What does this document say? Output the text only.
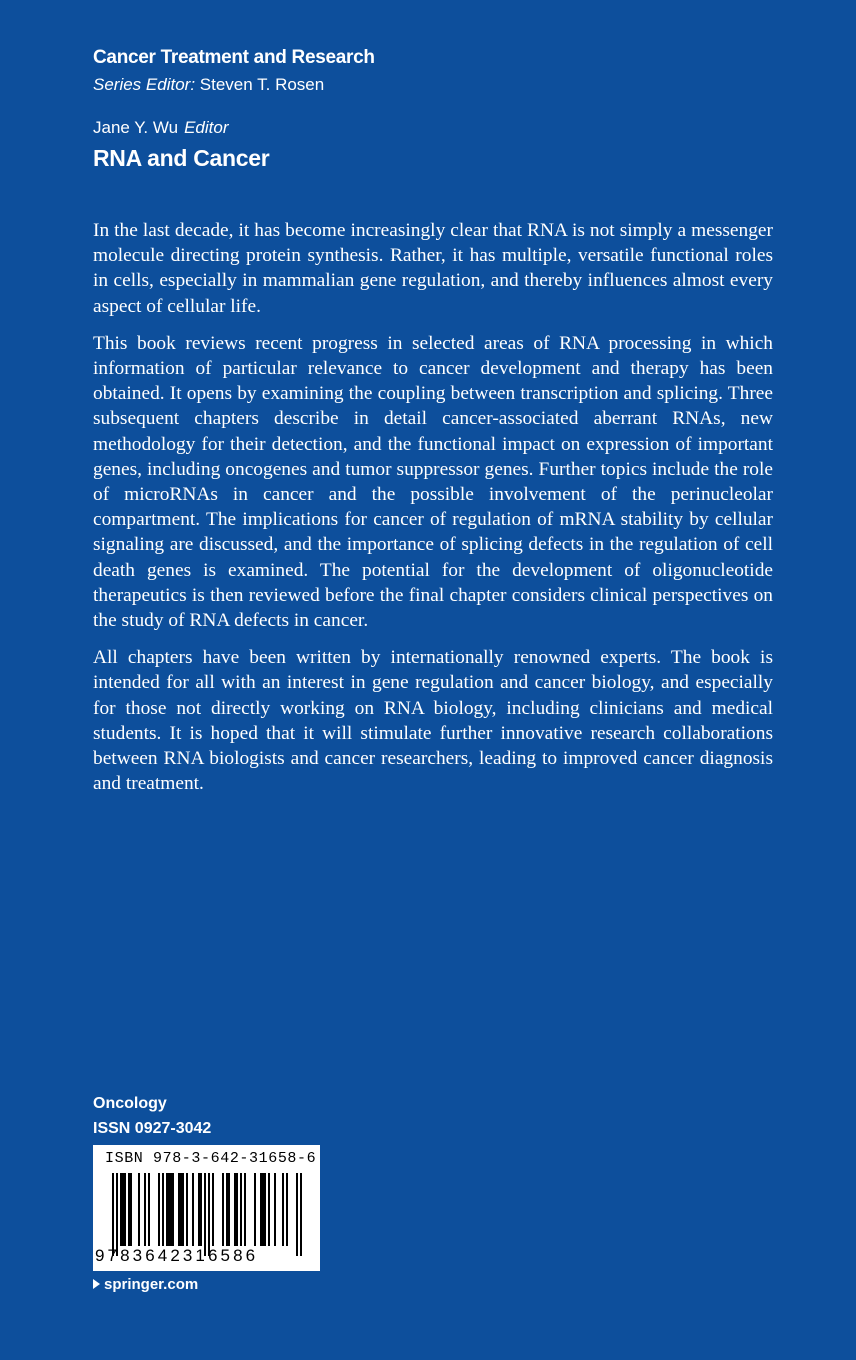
Cancer Treatment and Research
Series Editor: Steven T. Rosen
Jane Y. Wu Editor
RNA and Cancer

In the last decade, it has become increasingly clear that RNA is not simply a messenger molecule directing protein synthesis. Rather, it has multiple, versatile functional roles in cells, especially in mammalian gene regulation, and thereby influences almost every aspect of cellular life.

This book reviews recent progress in selected areas of RNA processing in which information of particular relevance to cancer development and therapy has been obtained. It opens by examining the coupling between transcription and splicing. Three subsequent chapters describe in detail cancer-associated aberrant RNAs, new methodology for their detection, and the functional impact on expression of important genes, including oncogenes and tumor suppressor genes. Further topics include the role of microRNAs in cancer and the possible involvement of the perinucleolar compartment. The implications for cancer of regulation of mRNA stability by cellular signaling are discussed, and the importance of splicing defects in the regulation of cell death genes is examined. The potential for the development of oligonucleotide therapeutics is then reviewed before the final chapter considers clinical perspectives on the study of RNA defects in cancer.

All chapters have been written by internationally renowned experts. The book is intended for all with an interest in gene regulation and cancer biology, and especially for those not directly working on RNA biology, including clinicians and medical students. It is hoped that it will stimulate further innovative research collaborations between RNA biologists and cancer researchers, leading to improved cancer diagnosis and treatment.

Oncology
ISSN 0927-3042
ISBN 978-3-642-31658-6
9783642316586
springer.com
